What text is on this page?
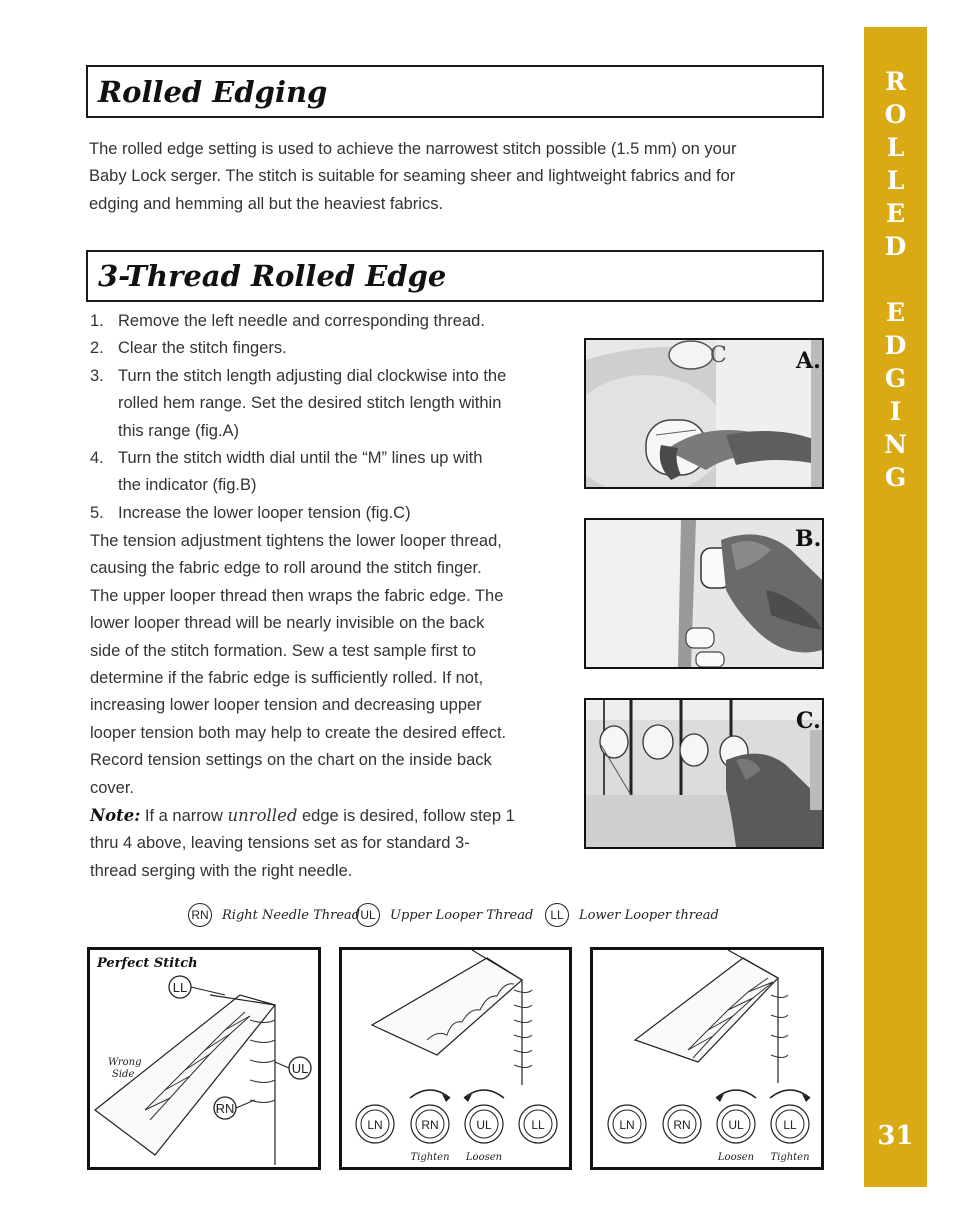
Rolled Edging
The rolled edge setting is used to achieve the narrowest stitch possible (1.5 mm) on your
Baby Lock serger. The stitch is suitable for seaming sheer and lightweight fabrics and for
edging and hemming all but the heaviest fabrics.
3-Thread Rolled Edge
1. Remove the left needle and corresponding thread.
2. Clear the stitch fingers.
3. Turn the stitch length adjusting dial clockwise into the
rolled hem range. Set the desired stitch length within
this range (fig.A)
4. Turn the stitch width dial until the “M” lines up with
the indicator (fig.B)
5. Increase the lower looper tension (fig.C)
The tension adjustment tightens the lower looper thread,
causing the fabric edge to roll around the stitch finger.
The upper looper thread then wraps the fabric edge. The
lower looper thread will be nearly invisible on the back
side of the stitch formation. Sew a test sample first to
determine if the fabric edge is sufficiently rolled. If not,
increasing lower looper tension and decreasing upper
looper tension both may help to create the desired effect.
Record tension settings on the chart on the inside back
cover.
Note: If a narrow unrolled edge is desired, follow step 1
thru 4 above, leaving tensions set as for standard 3-
thread serging with the right needle.
C	A.
B.
C.
R
O
L
L
E
D
E
D
G
I
N
G
31
RN Right Needle Thread UL	Upper Looper Thread	LL	Lower Looper thread
Perfect Stitch
LL
UL
RN
Wrong
Side
LN	RN	UL	LL
Tighten Loosen
LN	RN	UL	LL
Loosen Tighten
